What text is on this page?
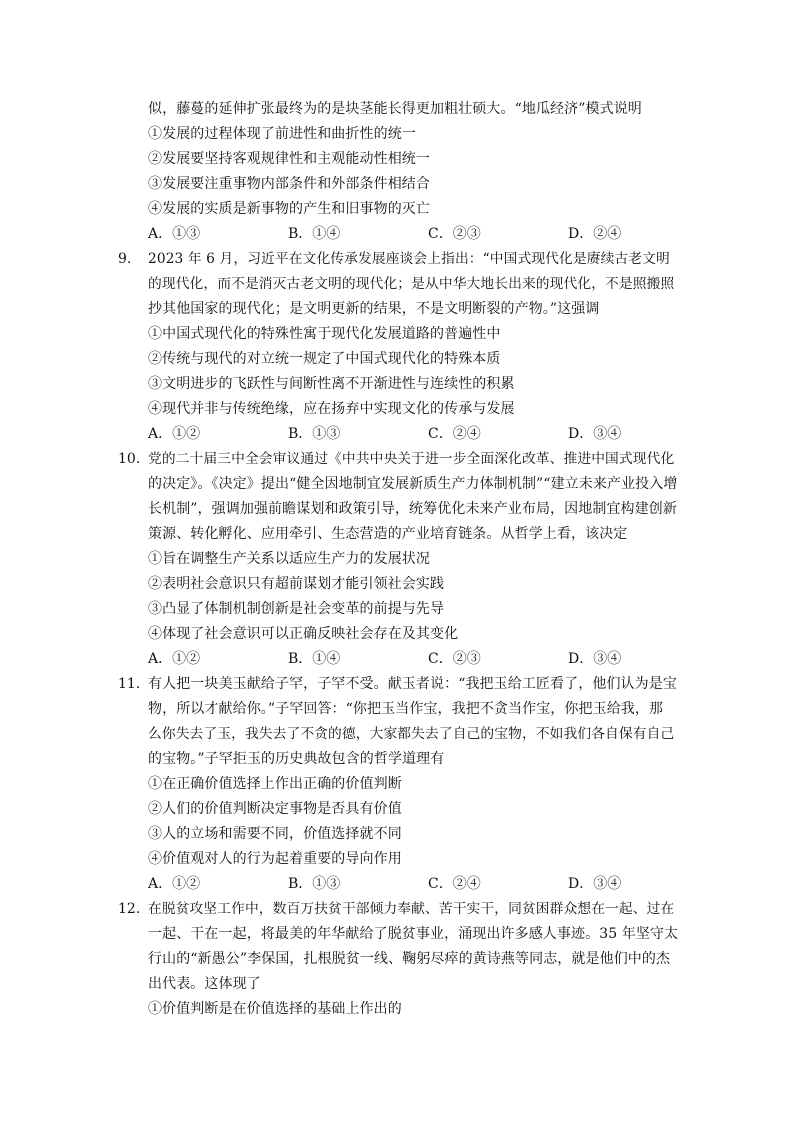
似，藤蔓的延伸扩张最终为的是块茎能长得更加粗壮硕大。“地瓜经济”模式说明
①发展的过程体现了前进性和曲折性的统一
②发展要坚持客观规律性和主观能动性相统一
③发展要注重事物内部条件和外部条件相结合
④发展的实质是新事物的产生和旧事物的灭亡
A．①③	B．①④	C．②③	D．②④
9. 2023 年 6 月，习近平在文化传承发展座谈会上指出：“中国式现代化是赓续古老文明
的现代化，而不是消灭古老文明的现代化；是从中华大地长出来的现代化，不是照搬照
抄其他国家的现代化；是文明更新的结果，不是文明断裂的产物。”这强调
①中国式现代化的特殊性寓于现代化发展道路的普遍性中
②传统与现代的对立统一规定了中国式现代化的特殊本质
③文明进步的飞跃性与间断性离不开渐进性与连续性的积累
④现代并非与传统绝缘，应在扬弃中实现文化的传承与发展
A．①②	B．①③	C．②④	D．③④
10. 党的二十届三中全会审议通过《中共中央关于进一步全面深化改革、推进中国式现代化
的决定》。《决定》提出“健全因地制宜发展新质生产力体制机制”“建立未来产业投入增
长机制”，强调加强前瞻谋划和政策引导，统筹优化未来产业布局，因地制宜构建创新
策源、转化孵化、应用牵引、生态营造的产业培育链条。从哲学上看，该决定
①旨在调整生产关系以适应生产力的发展状况
②表明社会意识只有超前谋划才能引领社会实践
③凸显了体制机制创新是社会变革的前提与先导
④体现了社会意识可以正确反映社会存在及其变化
A．①②	B．①④	C．②③	D．③④
11. 有人把一块美玉献给子罕，子罕不受。献玉者说：“我把玉给工匠看了，他们认为是宝
物，所以才献给你。”子罕回答：“你把玉当作宝，我把不贪当作宝，你把玉给我，那
么你失去了玉，我失去了不贪的德，大家都失去了自己的宝物，不如我们各自保有自己
的宝物。”子罕拒玉的历史典故包含的哲学道理有
①在正确价值选择上作出正确的价值判断
②人们的价值判断决定事物是否具有价值
③人的立场和需要不同，价值选择就不同
④价值观对人的行为起着重要的导向作用
A．①②	B．①③	C．②④	D．③④
12. 在脱贫攻坚工作中，数百万扶贫干部倾力奉献、苦干实干，同贫困群众想在一起、过在
一起、干在一起，将最美的年华献给了脱贫事业，涌现出许多感人事迹。35 年坚守太
行山的“新愚公”李保国，扎根脱贫一线、鞠躬尽瘁的黄诗燕等同志，就是他们中的杰
出代表。这体现了
①价值判断是在价值选择的基础上作出的
